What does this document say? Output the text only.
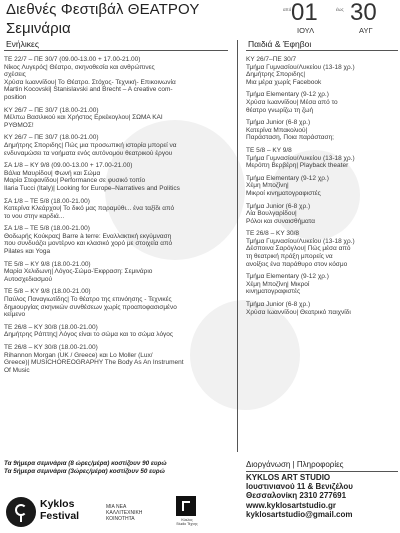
Διεθνές Φεστιβάλ ΘΕΑΤΡΟΥ
Σεμινάρια
από 01
ΙΟΥΛ
έως 30
ΑΥΓ
Ενήλικες
ΤΕ 22/7 – ΠΕ 30/7 (09.00-13.00 + 17.00-21.00)
Νίκος Λυγερός| Θέατρο, σκηνοθεσία και ανθρώπινες
σχέσεις
Χρύσα Ιωαννίδου| Το Θέατρο. Στόχος- Τεχνική- Επικοινωνία
Martin Kocovski| Stanislavski and Brecht – A creative com-
position
ΚΥ 26/7 – ΠΕ 30/7 (18.00-21.00)
Μέλπω Βασιλικού και Χρήστος Ερκέκογλου| ΣΩΜΑ ΚΑΙ
ΡΥΘΜΟΣ!
ΚΥ 26/7 – ΠΕ 30/7 (18.00-21.00)
Δημήτρης Σποριδης| Πώς μια προσωπική ιστορία μπορεί να
ενδυναμώσει τα νοήματα ενός αυτόνομου θεατρικού έργου
ΣΑ 1/8 – ΚΥ 9/8 (09.00-13.00 + 17.00-21.00)
Βάλια Μαυρίδου| Φωνή και Σώμα
Μαρία Στεφανίδου| Performance σε φυσικό τοπίο
Ilaria Tucci (Italy)| Looking for Europe–Narratives and Politics
ΣΑ 1/8 – ΤΕ 5/8 (18.00-21.00)
Κατερίνα Κλεάρχου| Το δικό μας παραμύθι... ένα ταξίδι από
το νου στην καρδιά...
ΣΑ 1/8 – ΤΕ 5/8 (18.00-21.00)
Θοδωρής Κούκρας| Barre à terre: Εναλλακτική εκγύμναση
που συνδυάζει μοντέρνο και κλασικό χορό με στοιχεία από
Pilates και Yoga
ΤΕ 5/8 – ΚΥ 9/8 (18.00-21.00)
Μαρία Χελιδωνη| Λόγος-Σώμα-Έκφραση: Σεμινάριο
Αυτοσχεδιασμού
ΤΕ 5/8 – ΚΥ 9/8 (18.00-21.00)
Παύλος Παναγιωτίδης| Το θέατρο της επινόησης - Τεχνικές
δημιουργίας σκηνικών συνθέσεων χωρίς προαποφασισμένο
κείμενο
ΤΕ 26/8 – ΚΥ 30/8 (18.00-21.00)
Δημήτρης Ράπτης| Λόγος είναι το σώμα και το σώμα λόγος
ΤΕ 26/8 – ΚΥ 30/8 (18.00-21.00)
Rihannon Morgan (UK / Greece) και Lo Moller (Lux/
Greece)| MUSICHOREOGRAPHY The Body As An Instrument
Of Music
Παιδιά & Έφηβοι
ΚΥ 26/7–ΠΕ 30/7
Τμήμα Γυμνασίου/Λυκείου (13-18 χρ.)
Δημήτρης Σποριδης|
Μια μέρα χωρίς Facebook
Τμήμα Elementary (9-12 χρ.)
Χρύσα Ιωαννίδου| Μέσα από το
θέατρο γνωρίζω τη ζωή
Τμήμα Junior (6-8 χρ.)
Κατερίνα Μπακολιού|
Παράσταση, Ποια παράσταση;
ΤΕ 5/8 – ΚΥ 9/8
Τμήμα Γυμνασίου/Λυκείου (13-18 χρ.)
Μερόπη Βερβέρη| Playback theater
Τμήμα Elementary (9-12 χρ.)
Χέμη Μποζίνη|
Μικροί κινηματογραφιστές
Τμήμα Junior (6-8 χρ.)
Λία Βουλγαρίδου|
Ρόλοι και συναισθήματα
ΤΕ 26/8 – ΚΥ 30/8
Τμήμα Γυμνασίου/Λυκείου (13-18 χρ.)
Δέσποινα Σαρόγλου| Πώς μέσα από
τη θεατρική πράξη μπορείς να
ανοίξεις ένα παράθυρο στον κόσμο
Τμήμα Elementary (9-12 χρ.)
Χέμη Μποζίνη| Μικροί
κινηματογραφιστές
Τμήμα Junior (6-8 χρ.)
Χρύσα Ιωαννίδου| Θεατρικό παιχνίδι
Τα 9ήμερα σεμινάρια (8 ώρες/μέρα) κοστίζουν 90 ευρώ
Τα 5ήμερα σεμινάρια (3ώρες/μέρα) κοστίζουν 50 ευρώ
Διοργάνωση | Πληροφορίες
KYKLOS ART STUDIO
Ιουστινιανού 11 & Βενιζέλου
Θεσσαλονίκη 2310 277691
www.kyklosartstudio.gr
kyklosartstudio@gmail.com
Kyklos
Festival
ΜΙΑ ΝΕΑ
ΚΑΛΛΙΤΕΧΝΙΚΗ
ΚΟΙΝΟΤΗΤΑ	Κύκλος
Studio Τέχνης
